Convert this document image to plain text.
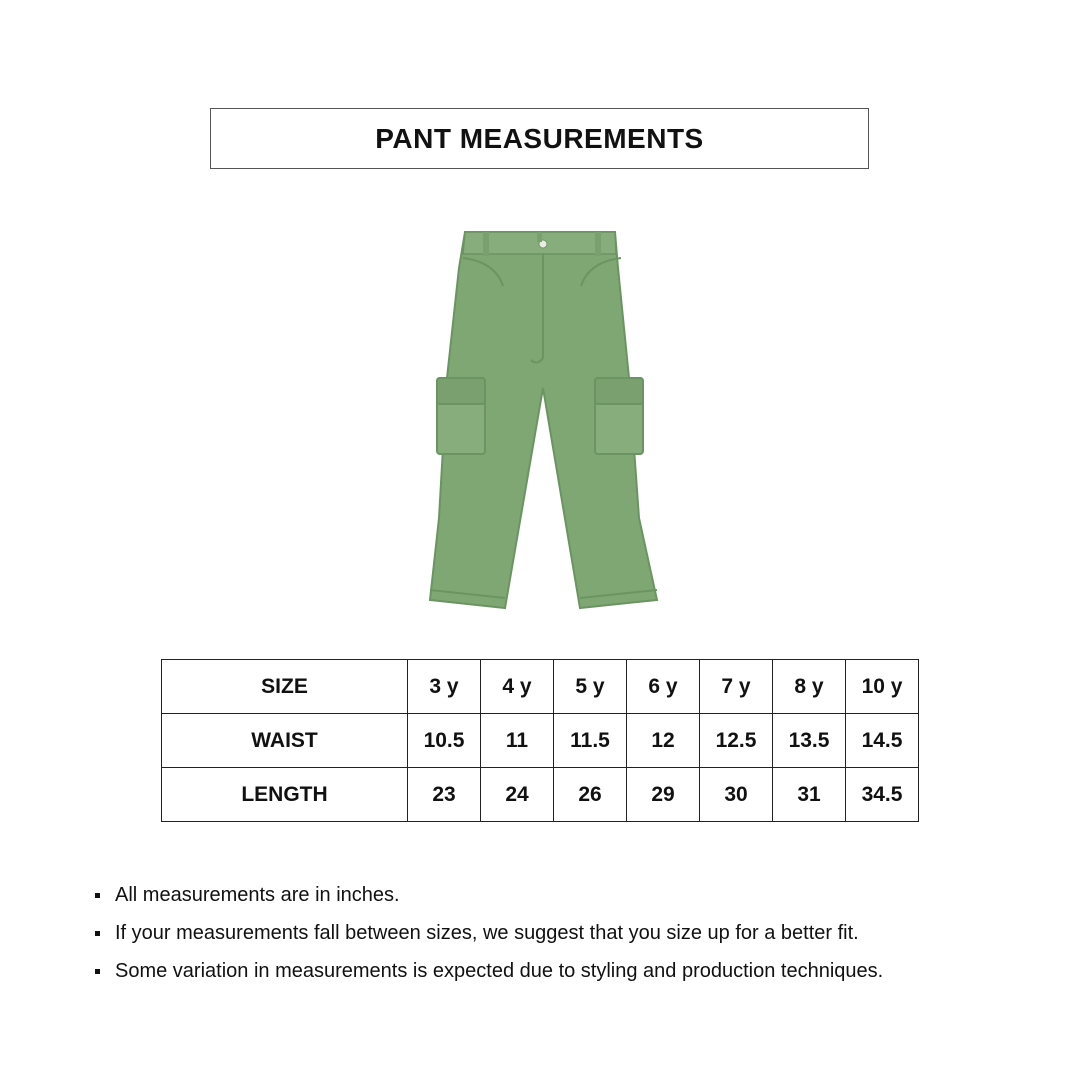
PANT MEASUREMENTS
SIZE	3 y	4 y	5 y	6 y	7 y	8 y	10 y
WAIST	10.5	11	11.5	12	12.5	13.5	14.5
LENGTH	23	24	26	29	30	31	34.5
All measurements are in inches.
If your measurements fall between sizes, we suggest that you size up for a better fit.
Some variation in measurements is expected due to styling and production techniques.
